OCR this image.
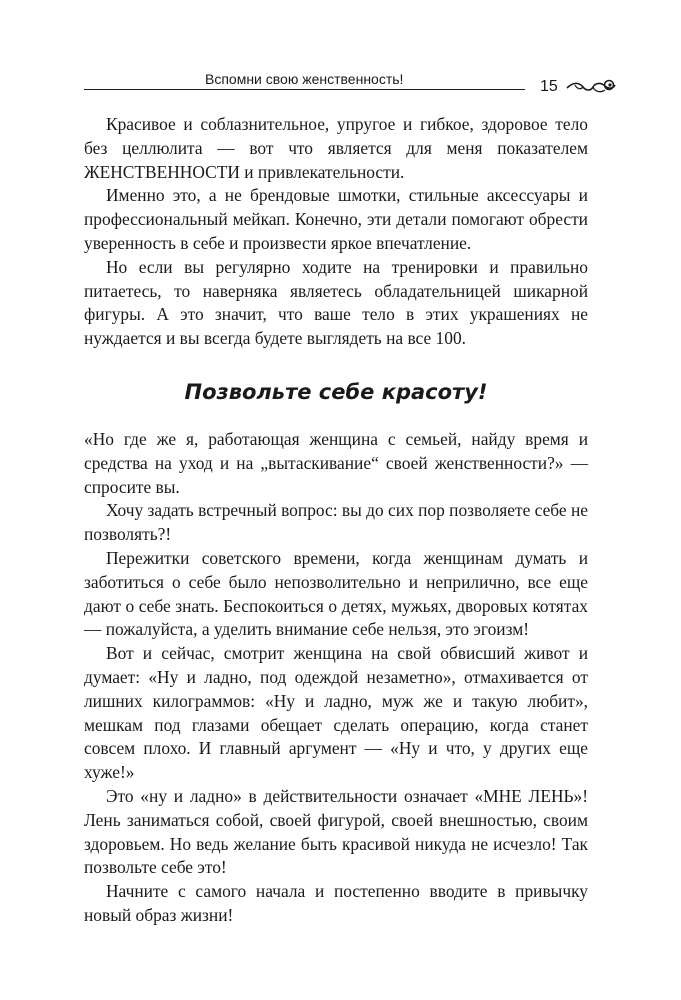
Вспомни свою женственность!	15

Красивое и соблазнительное, упругое и гибкое, здоровое тело без целлюлита — вот что является для меня показателем ЖЕНСТВЕННОСТИ и привлекательности.

Именно это, а не брендовые шмотки, стильные аксессуары и профессиональный мейкап. Конечно, эти детали помогают обрести уверенность в себе и произвести яркое впечатление.

Но если вы регулярно ходите на тренировки и правильно питаетесь, то наверняка являетесь обладательницей шикарной фигуры. А это значит, что ваше тело в этих украшениях не нуждается и вы всегда будете выглядеть на все 100.

Позвольте себе красоту!

«Но где же я, работающая женщина с семьей, найду время и средства на уход и на „вытаскивание“ своей женственности?» — спросите вы.

Хочу задать встречный вопрос: вы до сих пор позволяете себе не позволять?!

Пережитки советского времени, когда женщинам думать и заботиться о себе было непозволительно и неприлично, все еще дают о себе знать. Беспокоиться о детях, мужьях, дворовых котятах — пожалуйста, а уделить внимание себе нельзя, это эгоизм!

Вот и сейчас, смотрит женщина на свой обвисший живот и думает: «Ну и ладно, под одеждой незаметно», отмахивается от лишних килограммов: «Ну и ладно, муж же и такую любит», мешкам под глазами обещает сделать операцию, когда станет совсем плохо. И главный аргумент — «Ну и что, у других еще хуже!»

Это «ну и ладно» в действительности означает «МНЕ ЛЕНЬ»! Лень заниматься собой, своей фигурой, своей внешностью, своим здоровьем. Но ведь желание быть красивой никуда не исчезло! Так позвольте себе это!

Начните с самого начала и постепенно вводите в привычку новый образ жизни!
